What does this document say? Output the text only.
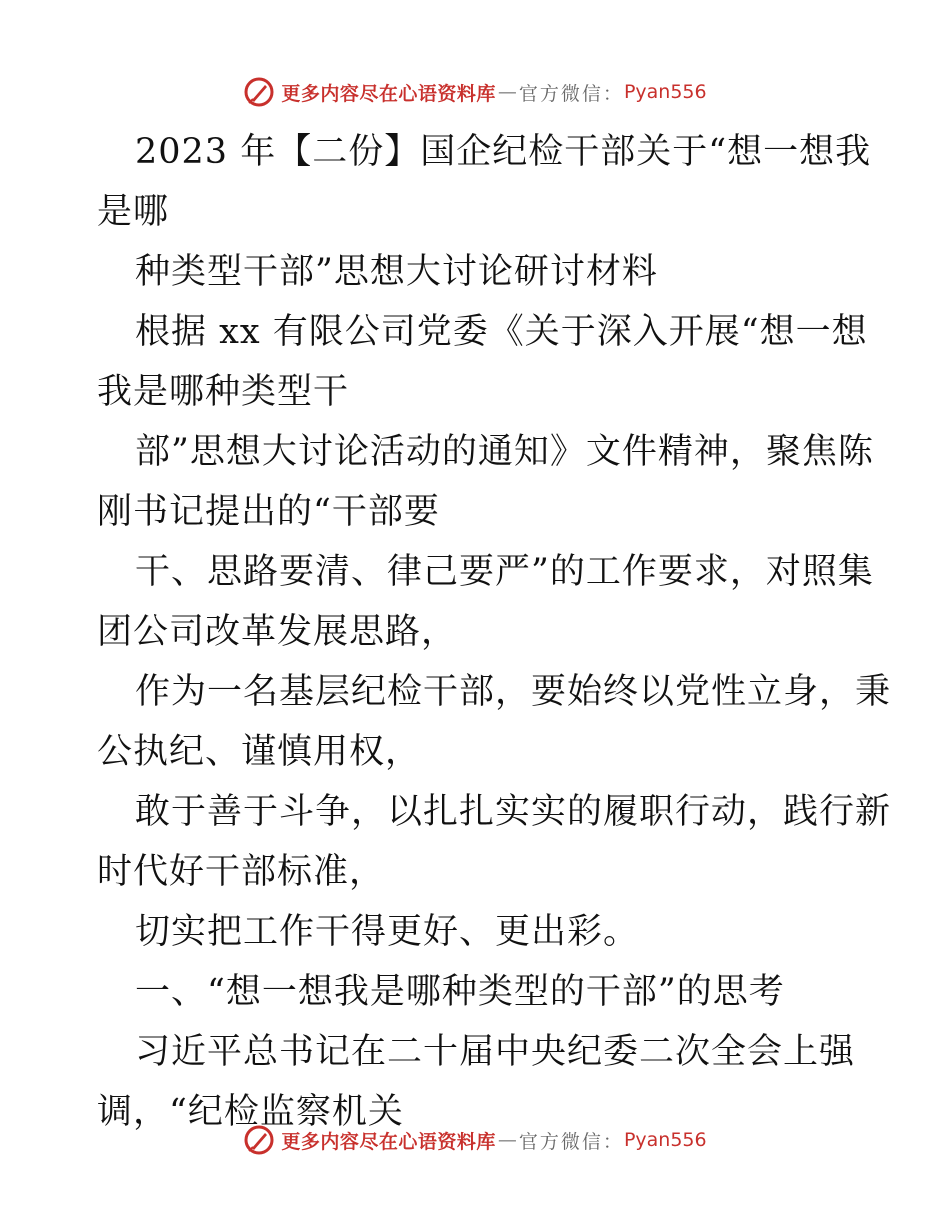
更多内容尽在心语资料库 — 官方微信： Pyan556
2023 年【二份】国企纪检干部关于“想一想我
是哪
种类型干部”思想大讨论研讨材料
根据 xx 有限公司党委《关于深入开展“想一想
我是哪种类型干
部”思想大讨论活动的通知》文件精神，聚焦陈
刚书记提出的“干部要
干、思路要清、律己要严”的工作要求，对照集
团公司改革发展思路，
作为一名基层纪检干部，要始终以党性立身，秉
公执纪、谨慎用权，
敢于善于斗争，以扎扎实实的履职行动，践行新
时代好干部标准，
切实把工作干得更好、更出彩。
一、“想一想我是哪种类型的干部”的思考
习近平总书记在二十届中央纪委二次全会上强
调，“纪检监察机关
更多内容尽在心语资料库 — 官方微信： Pyan556
